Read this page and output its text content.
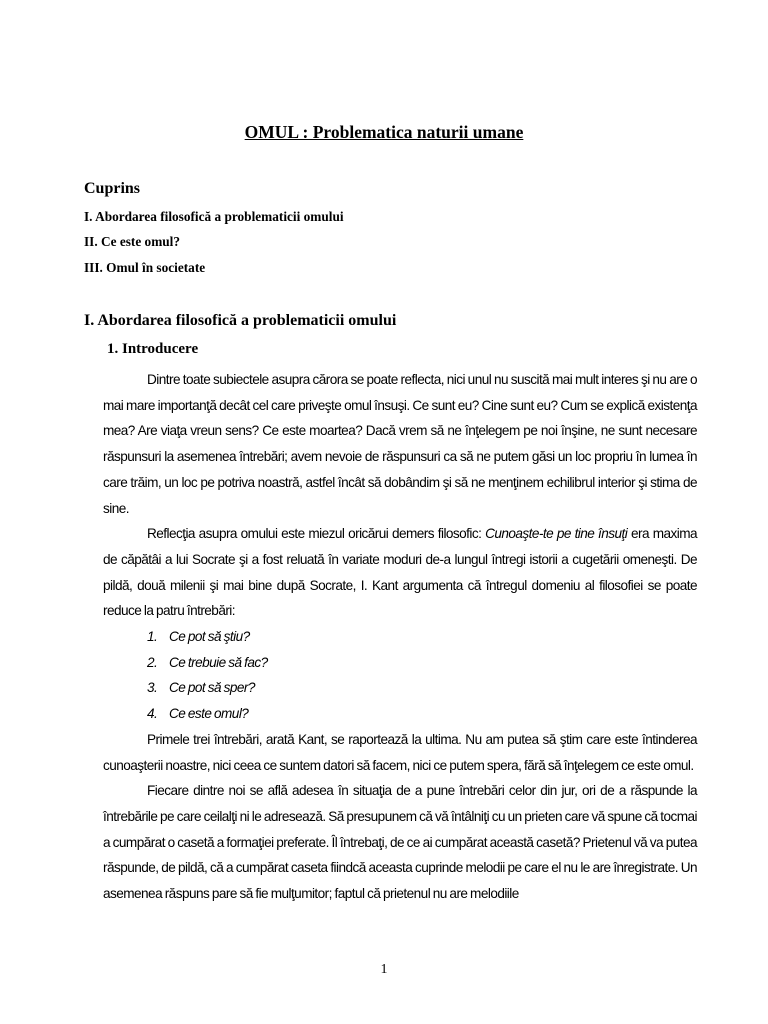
OMUL : Problematica naturii umane
Cuprins
I. Abordarea filosofică a problematicii omului
II. Ce este omul?
III. Omul în societate
I. Abordarea filosofică a problematicii omului
1. Introducere

Dintre toate subiectele asupra cărora se poate reflecta, nici unul nu suscită mai mult interes şi nu are o mai mare importanţă decât cel care priveşte omul însuşi. Ce sunt eu? Cine sunt eu? Cum se explică existenţa mea? Are viaţa vreun sens? Ce este moartea? Dacă vrem să ne înţelegem pe noi înşine, ne sunt necesare răspunsuri la asemenea întrebări; avem nevoie de răspunsuri ca să ne putem găsi un loc propriu în lumea în care trăim, un loc pe potriva noastră, astfel încât să dobândim şi să ne menţinem echilibrul interior şi stima de sine.

Reflecţia asupra omului este miezul oricărui demers filosofic: Cunoaşte-te pe tine însuţi era maxima de căpătâi a lui Socrate şi a fost reluată în variate moduri de-a lungul întregi istorii a cugetării omeneşti. De pildă, două milenii şi mai bine după Socrate, I. Kant argumenta că întregul domeniu al filosofiei se poate reduce la patru întrebări:

1. Ce pot să ştiu?
2. Ce trebuie să fac?
3. Ce pot să sper?
4. Ce este omul?

Primele trei întrebări, arată Kant, se raportează la ultima. Nu am putea să ştim care este întinderea cunoaşterii noastre, nici ceea ce suntem datori să facem, nici ce putem spera, fără să înţelegem ce este omul.

Fiecare dintre noi se află adesea în situaţia de a pune întrebări celor din jur, ori de a răspunde la întrebările pe care ceilalţi ni le adresează. Să presupunem că vă întâlniţi cu un prieten care vă spune că tocmai a cumpărat o casetă a formaţiei preferate. Îl întrebaţi, de ce ai cumpărat această casetă? Prietenul vă va putea răspunde, de pildă, că a cumpărat caseta fiindcă aceasta cuprinde melodii pe care el nu le are înregistrate. Un asemenea răspuns pare să fie mulţumitor; faptul că prietenul nu are melodiile

1
